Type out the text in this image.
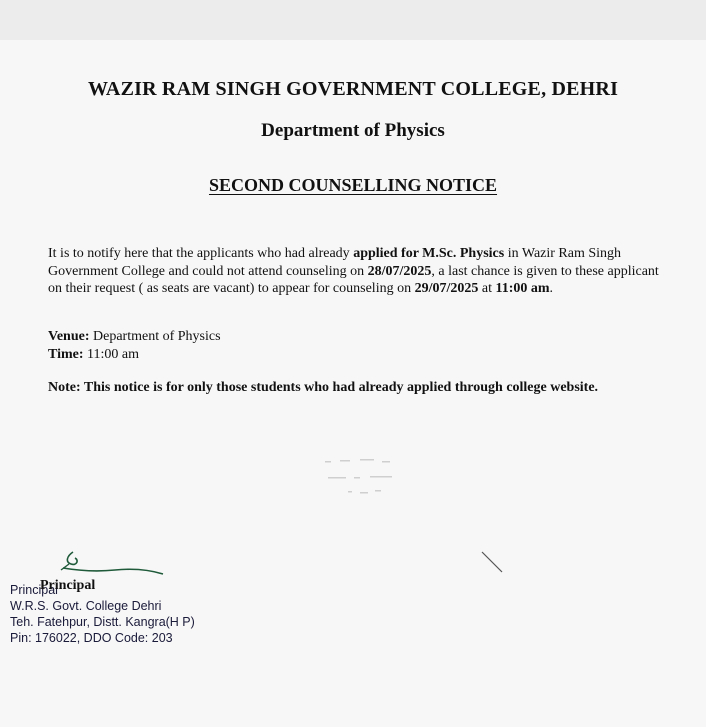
WAZIR RAM SINGH GOVERNMENT COLLEGE, DEHRI
Department of Physics
SECOND COUNSELLING NOTICE
It is to notify here that the applicants who had already applied for M.Sc. Physics in Wazir Ram Singh Government College and could not attend counseling on 28/07/2025, a last chance is given to these applicant on their request ( as seats are vacant) to appear for counseling on 29/07/2025 at 11:00 am.
Venue: Department of Physics
Time: 11:00 am
Note: This notice is for only those students who had already applied through college website.
Principal
Principal
W.R.S. Govt. College Dehri
Teh. Fatehpur, Distt. Kangra(H P)
Pin: 176022, DDO Code: 203
